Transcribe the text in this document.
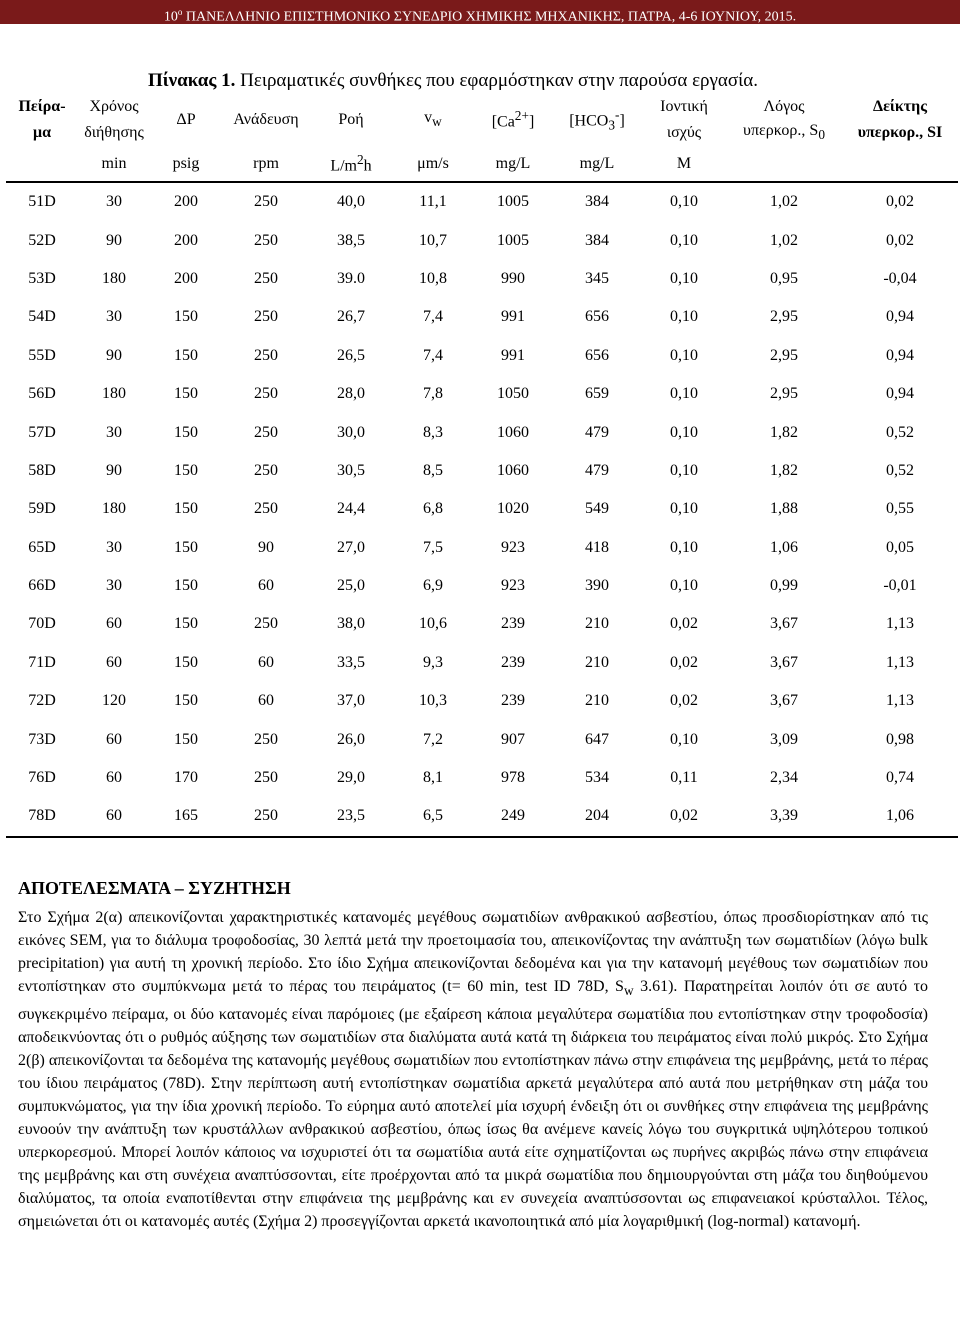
$10^o$ ΠΑΝΕΛΛΗΝΙΟ ΕΠΙΣΤΗΜΟΝΙΚΟ ΣΥΝΕΔΡΙΟ ΧΗΜΙΚΗΣ ΜΗΧΑΝΙΚΗΣ, ΠΑΤΡΑ, 4-6 ΙΟΥΝΙΟΥ, 2015.
Πίνακας 1. Πειραματικές συνθήκες που εφαρμόστηκαν στην παρούσα εργασία.
Πείρα-	Χρόνος	ΔP	Ανάδευση	Ροή	$v_w$	$[Ca^{2+}]$	$[HCO_3^-]$	Ιοντική	Λόγος	Δείκτης
μα	διήθησης							ισχύς	υπερκορ., $S_0$	υπερκορ., SI
	min	psig	rpm	$L/m^2h$	μm/s	mg/L	mg/L	M		
51D	30	200	250	40,0	11,1	1005	384	0,10	1,02	0,02
52D	90	200	250	38,5	10,7	1005	384	0,10	1,02	0,02
53D	180	200	250	39.0	10,8	990	345	0,10	0,95	-0,04
54D	30	150	250	26,7	7,4	991	656	0,10	2,95	0,94
55D	90	150	250	26,5	7,4	991	656	0,10	2,95	0,94
56D	180	150	250	28,0	7,8	1050	659	0,10	2,95	0,94
57D	30	150	250	30,0	8,3	1060	479	0,10	1,82	0,52
58D	90	150	250	30,5	8,5	1060	479	0,10	1,82	0,52
59D	180	150	250	24,4	6,8	1020	549	0,10	1,88	0,55
65D	30	150	90	27,0	7,5	923	418	0,10	1,06	0,05
66D	30	150	60	25,0	6,9	923	390	0,10	0,99	-0,01
70D	60	150	250	38,0	10,6	239	210	0,02	3,67	1,13
71D	60	150	60	33,5	9,3	239	210	0,02	3,67	1,13
72D	120	150	60	37,0	10,3	239	210	0,02	3,67	1,13
73D	60	150	250	26,0	7,2	907	647	0,10	3,09	0,98
76D	60	170	250	29,0	8,1	978	534	0,11	2,34	0,74
78D	60	165	250	23,5	6,5	249	204	0,02	3,39	1,06
ΑΠΟΤΕΛΕΣΜΑΤΑ – ΣΥΖΗΤΗΣΗ
Στο Σχήμα 2(α) απεικονίζονται χαρακτηριστικές κατανομές μεγέθους σωματιδίων ανθρακικού ασβεστίου, όπως προσδιορίστηκαν από τις εικόνες SEM, για το διάλυμα τροφοδοσίας, 30 λεπτά μετά την προετοιμασία του, απεικονίζοντας την ανάπτυξη των σωματιδίων (λόγω bulk precipitation) για αυτή τη χρονική περίοδο. Στο ίδιο Σχήμα απεικονίζονται δεδομένα και για την κατανομή μεγέθους των σωματιδίων που εντοπίστηκαν στο συμπύκνωμα μετά το πέρας του πειράματος (t= 60 min, test ID 78D, $S_w$ 3.61). Παρατηρείται λοιπόν ότι σε αυτό το συγκεκριμένο πείραμα, οι δύο κατανομές είναι παρόμοιες (με εξαίρεση κάποια μεγαλύτερα σωματίδια που εντοπίστηκαν στην τροφοδοσία) αποδεικνύοντας ότι ο ρυθμός αύξησης των σωματιδίων στα διαλύματα αυτά κατά τη διάρκεια του πειράματος είναι πολύ μικρός. Στο Σχήμα 2(β) απεικονίζονται τα δεδομένα της κατανομής μεγέθους σωματιδίων που εντοπίστηκαν πάνω στην επιφάνεια της μεμβράνης, μετά το πέρας του ίδιου πειράματος (78D). Στην περίπτωση αυτή εντοπίστηκαν σωματίδια αρκετά μεγαλύτερα από αυτά που μετρήθηκαν στη μάζα του συμπυκνώματος, για την ίδια χρονική περίοδο. Το εύρημα αυτό αποτελεί μία ισχυρή ένδειξη ότι οι συνθήκες στην επιφάνεια της μεμβράνης ευνοούν την ανάπτυξη των κρυστάλλων ανθρακικού ασβεστίου, όπως ίσως θα ανέμενε κανείς λόγω του συγκριτικά υψηλότερου τοπικού υπερκορεσμού. Μπορεί λοιπόν κάποιος να ισχυριστεί ότι τα σωματίδια αυτά είτε σχηματίζονται ως πυρήνες ακριβώς πάνω στην επιφάνεια της μεμβράνης και στη συνέχεια αναπτύσσονται, είτε προέρχονται από τα μικρά σωματίδια που δημιουργούνται στη μάζα του διηθούμενου διαλύματος, τα οποία εναποτίθενται στην επιφάνεια της μεμβράνης και εν συνεχεία αναπτύσσονται ως επιφανειακοί κρύσταλλοι. Τέλος, σημειώνεται ότι οι κατανομές αυτές (Σχήμα 2) προσεγγίζονται αρκετά ικανοποιητικά από μία λογαριθμική (log-normal) κατανομή.
